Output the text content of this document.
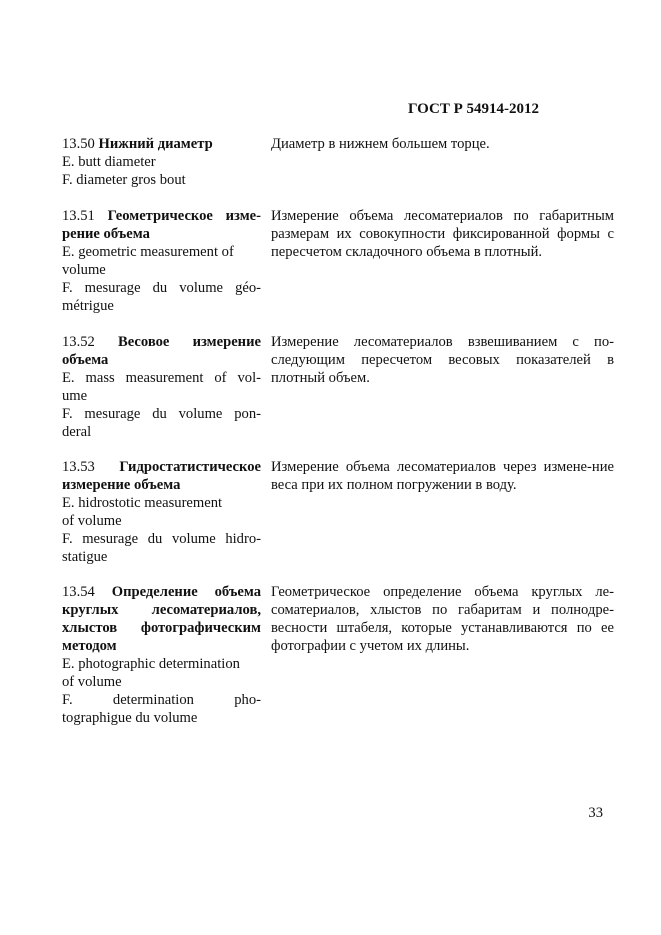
ГОСТ Р 54914-2012
13.50 Нижний диаметр
E. butt diameter
F. diameter gros bout
Диаметр в нижнем большем торце.
13.51 Геометрическое изме-
рение объема
E. geometric measurement of
volume
F. mesurage du volume géo-
métrigue
Измерение объема лесоматериалов по габаритным размерам их совокупности фиксированной формы с пересчетом складочного объема в плотный.
13.52 Весовое измерение
объема
E. mass measurement of vol-
ume
F. mesurage du volume pon-
deral
Измерение лесоматериалов взвешиванием с по-следующим пересчетом весовых показателей в плотный объем.
13.53 Гидростатистическое
измерение объема
E. hidrostotic measurement
of volume
F. mesurage du volume hidro-
statigue
Измерение объема лесоматериалов через измене-ние веса при их полном погружении в воду.
13.54 Определение объема
круглых лесоматериалов,
хлыстов фотографическим
методом
E. photographic determination
of volume
F. determination pho-
tographigue du volume
Геометрическое определение объема круглых ле-соматериалов, хлыстов по габаритам и полнодре-весности штабеля, которые устанавливаются по ее фотографии с учетом их длины.
33
